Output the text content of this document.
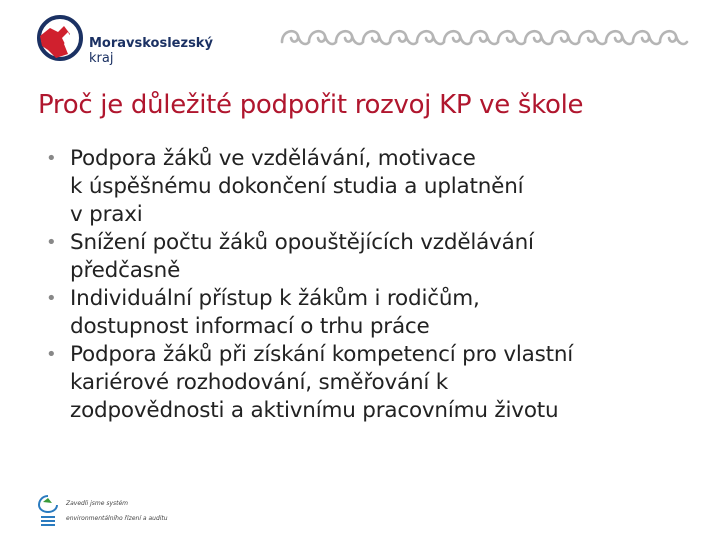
Moravskoslezský
kraj
Proč je důležité podpořit rozvoj KP ve škole
• Podpora žáků ve vzdělávání, motivace
k úspěšnému dokončení studia a uplatnění
v praxi
• Snížení počtu žáků opouštějících vzdělávání
předčasně
• Individuální přístup k žákům i rodičům,
dostupnost informací o trhu práce
• Podpora žáků při získání kompetencí pro vlastní
kariérové rozhodování, směřování k
zodpovědnosti a aktivnímu pracovnímu životu
Zavedli jsme systém
environmentálního řízení a auditu
